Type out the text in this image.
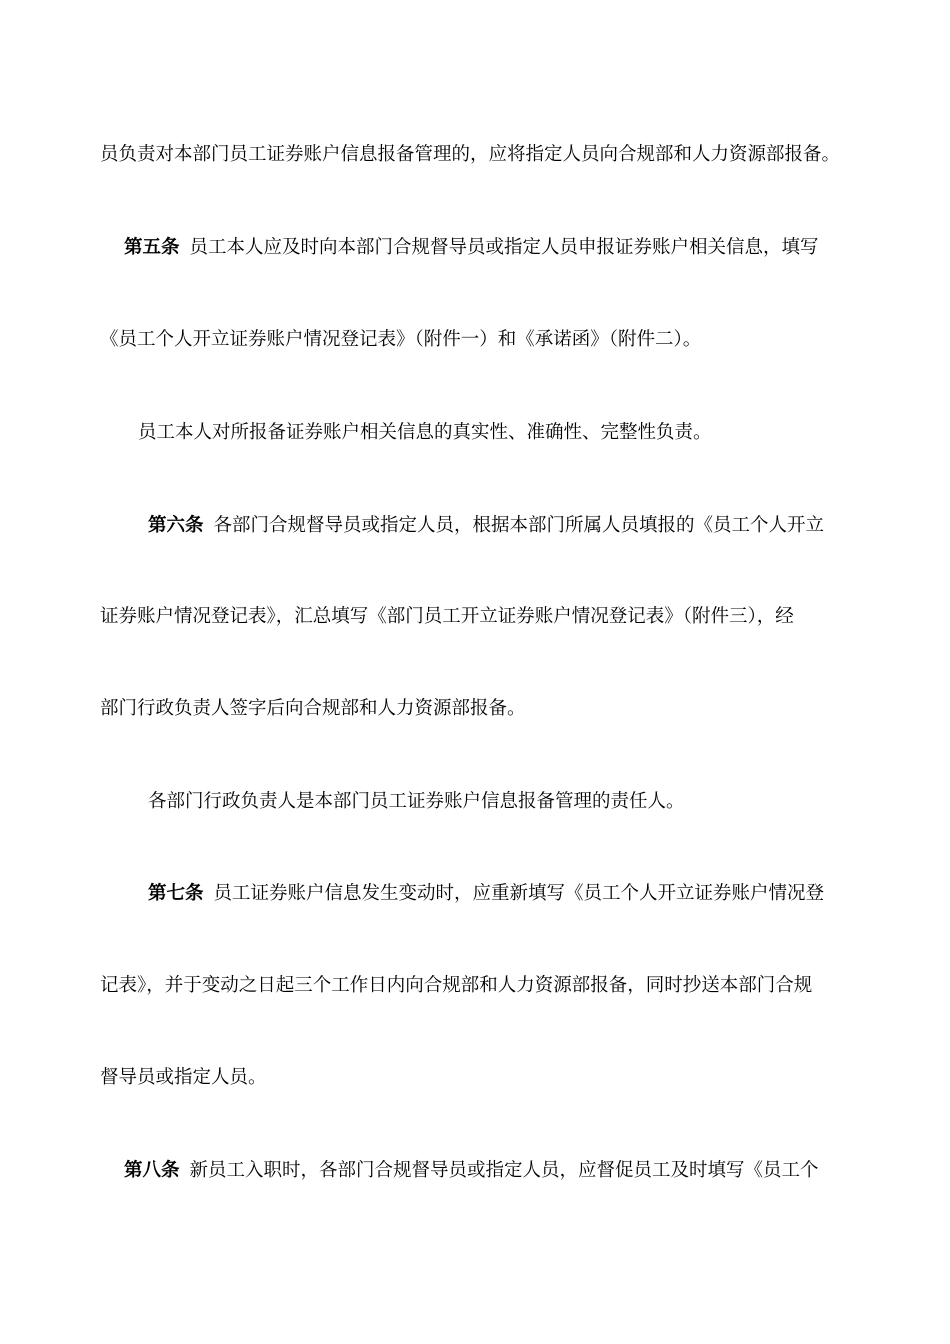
员负责对本部门员工证券账户信息报备管理的，应将指定人员向合规部和人力资源部报备。
第五条 员工本人应及时向本部门合规督导员或指定人员申报证券账户相关信息，填写
《员工个人开立证券账户情况登记表》（附件一）和《承诺函》（附件二）。
员工本人对所报备证券账户相关信息的真实性、准确性、完整性负责。
第六条 各部门合规督导员或指定人员，根据本部门所属人员填报的《员工个人开立
证券账户情况登记表》，汇总填写《部门员工开立证券账户情况登记表》（附件三），经
部门行政负责人签字后向合规部和人力资源部报备。
各部门行政负责人是本部门员工证券账户信息报备管理的责任人。
第七条 员工证券账户信息发生变动时，应重新填写《员工个人开立证券账户情况登
记表》，并于变动之日起三个工作日内向合规部和人力资源部报备，同时抄送本部门合规
督导员或指定人员。
第八条 新员工入职时，各部门合规督导员或指定人员，应督促员工及时填写《员工个
